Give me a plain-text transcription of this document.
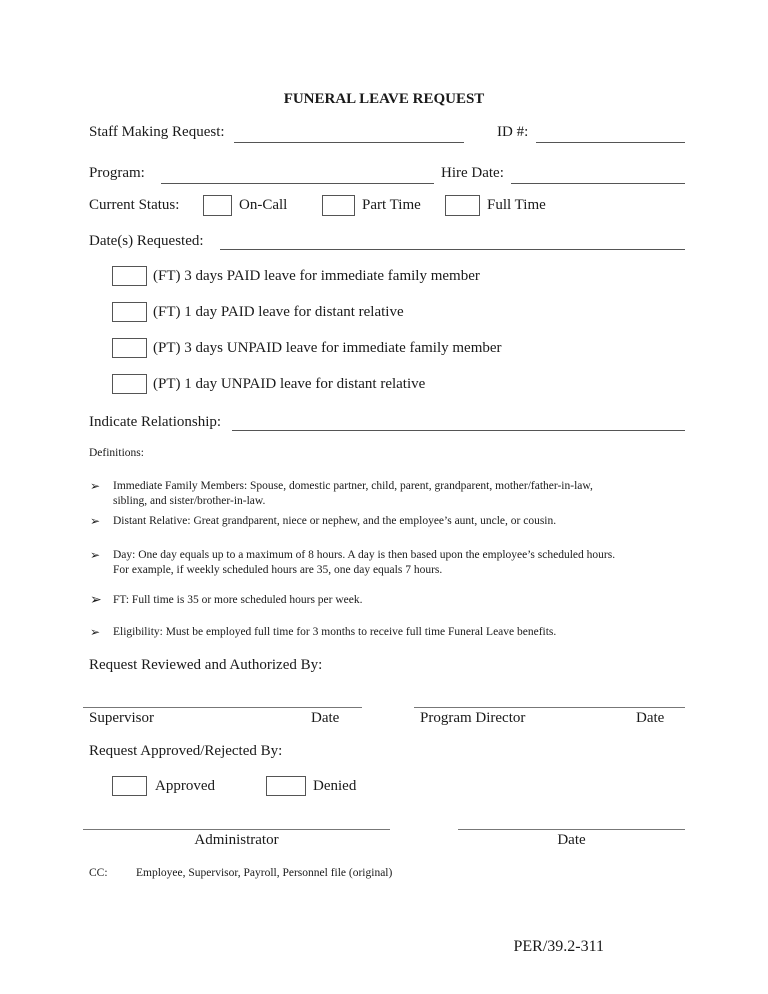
FUNERAL LEAVE REQUEST
Staff Making Request:	ID #:
Program:	Hire Date:
Current Status:	On-Call	Part Time	Full Time
Date(s) Requested:
(FT) 3 days PAID leave for immediate family member
(FT) 1 day PAID leave for distant relative
(PT) 3 days UNPAID leave for immediate family member
(PT) 1 day UNPAID leave for distant relative
Indicate Relationship:
Definitions:
➢ Immediate Family Members: Spouse, domestic partner, child, parent, grandparent, mother/father-in-law,
sibling, and sister/brother-in-law.
➢ Distant Relative: Great grandparent, niece or nephew, and the employee’s aunt, uncle, or cousin.
➢ Day: One day equals up to a maximum of 8 hours. A day is then based upon the employee’s scheduled hours.
For example, if weekly scheduled hours are 35, one day equals 7 hours.
➢ FT: Full time is 35 or more scheduled hours per week.
➢ Eligibility: Must be employed full time for 3 months to receive full time Funeral Leave benefits.
Request Reviewed and Authorized By:
Supervisor	Date	Program Director	Date
Request Approved/Rejected By:
Approved	Denied
Administrator	Date
CC: Employee, Supervisor, Payroll, Personnel file (original)
PER/39.2-311
